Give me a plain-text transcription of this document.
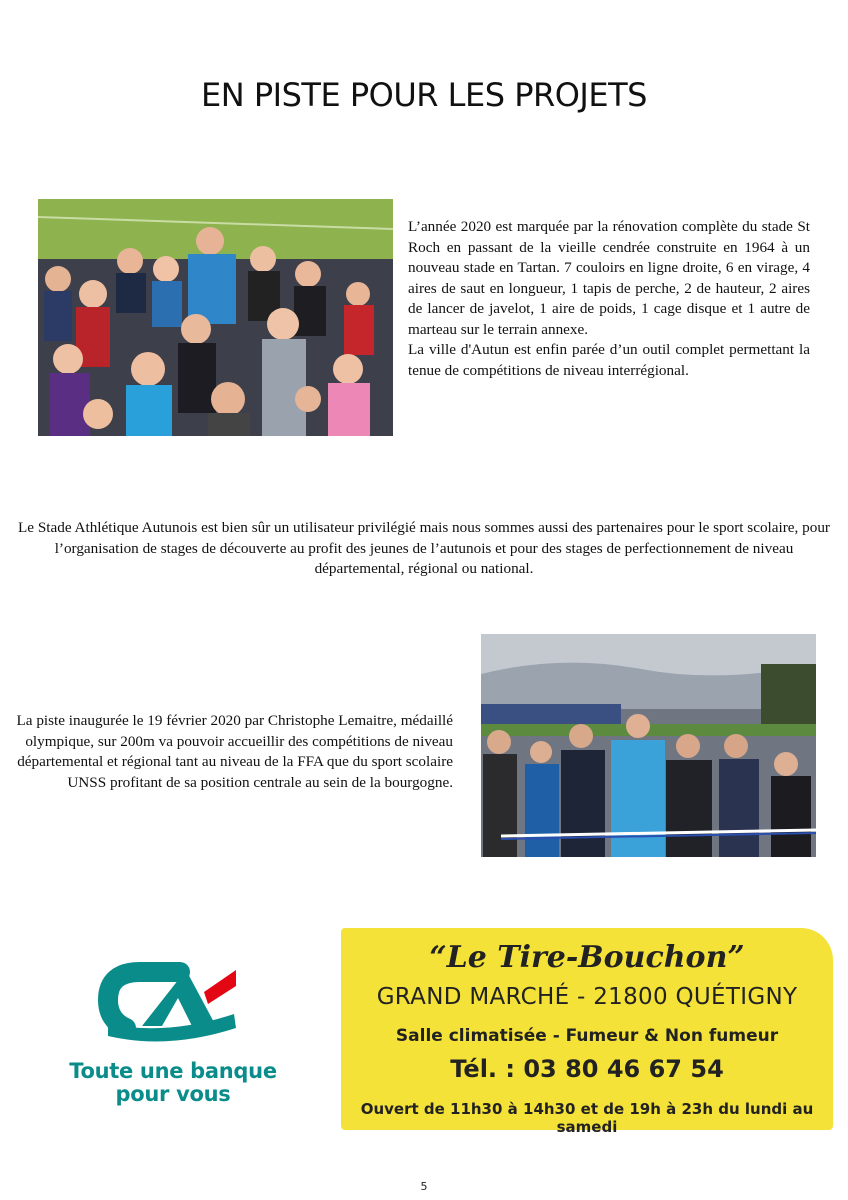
EN PISTE POUR LES PROJETS
L’année 2020 est marquée par la rénovation complète du stade St Roch en passant de la vieille cendrée construite en 1964 à un nouveau stade en Tartan. 7 couloirs en ligne droite, 6 en virage, 4 aires de saut en longueur, 1 tapis de perche, 2 de hauteur, 2 aires de lancer de javelot, 1 aire de poids, 1 cage disque et 1 autre de marteau sur le terrain annexe.
La ville d'Autun est enfin parée d’un outil complet permettant la tenue de compétitions de niveau interrégional.
Le Stade Athlétique Autunois est bien sûr un utilisateur privilégié mais nous sommes aussi des partenaires pour le sport scolaire, pour l’organisation de stages de découverte au profit des jeunes de l’autunois et pour des stages de perfectionnement de niveau départemental, régional ou national.
La piste inaugurée le 19 février 2020 par Christophe Lemaitre, médaillé olympique, sur 200m va pouvoir accueillir des compétitions de niveau départemental et régional tant au niveau de la FFA que du sport scolaire UNSS profitant de sa position centrale au sein de la bourgogne.
Toute une banque
pour vous
“Le Tire-Bouchon”
GRAND MARCHÉ - 21800 QUÉTIGNY
Salle climatisée - Fumeur & Non fumeur
Tél. : 03 80 46 67 54
Ouvert de 11h30 à 14h30 et de 19h à 23h du lundi au samedi
5
